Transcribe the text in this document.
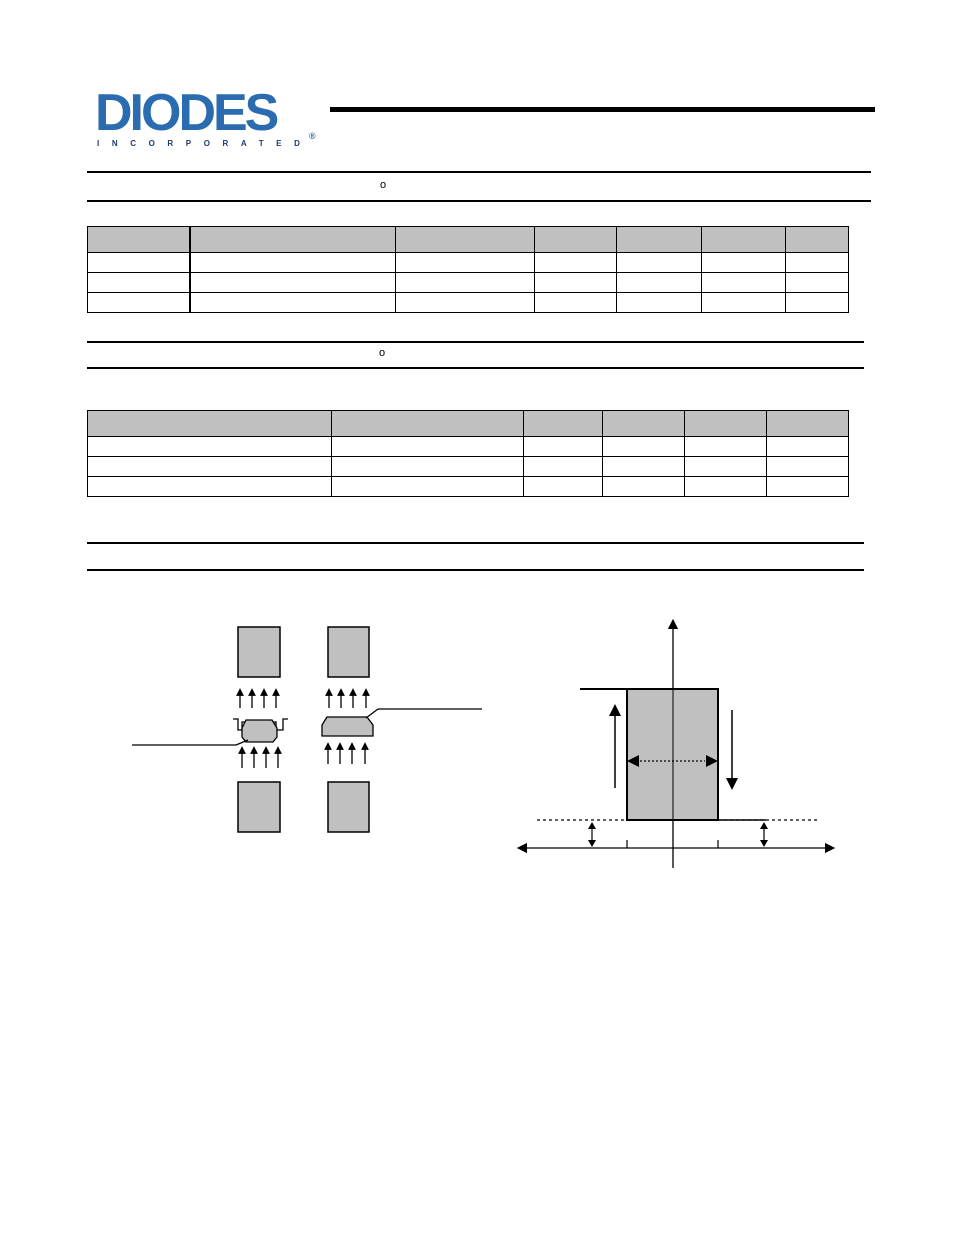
DIODES
INCORPORATED
®
o

o
